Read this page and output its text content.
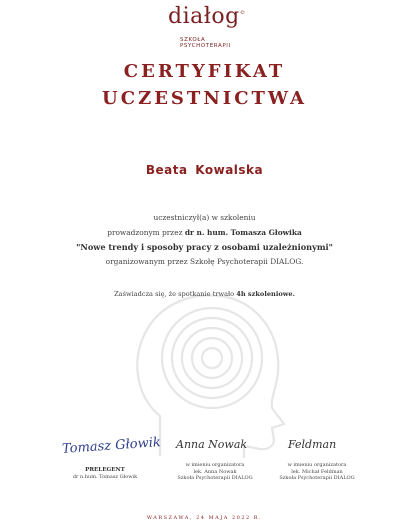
diałog ©
SZKOŁA
PSYCHOTERAPII
CERTYFIKAT
UCZESTNICTWA
Beata Kowalska
uczestniczył(a) w szkoleniu
prowadzonym przez dr n. hum. Tomasza Głowika
"Nowe trendy i sposoby pracy z osobami uzależnionymi"
organizowanym przez Szkołę Psychoterapii DIALOG.
Zaświadcza się, że spotkanie trwało 4h szkoleniowe.
Tomasz Głowik
PRELEGENT
dr n.hum. Tomasz Głowik
Anna Nowak
w imieniu organizatora
lek. Anna Nowak
Szkoła Psychoterapii DIALOG
Feldman
w imieniu organizatora
lek. Michał Feldman
Szkoła Psychoterapii DIALOG
WARSZAWA, 24 MAJA 2022 R.
